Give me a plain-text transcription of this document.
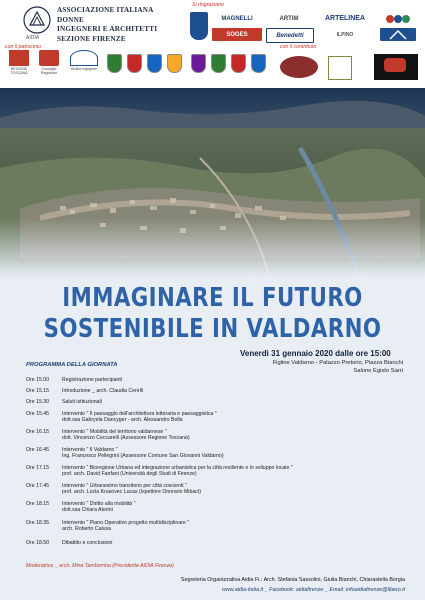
AIDIA
ASSOCIAZIONE ITALIANA DONNE
INGEGNERI E ARCHITETTI
SEZIONE FIRENZE
Si ringraziano
con il patrocinio	con il contributo
MAGNELLI	ARTIM	ARTELINEA
SOGES	Benedetti	ILPINO
REGIONE TOSCANA
Consiglio Regionale
Ordine Ingegneri
IMMAGINARE IL FUTURO
SOSTENIBILE IN VALDARNO
Venerdì 31 gennaio 2020 dalle ore 15:00
Figline Valdarno - Palazzo Pretorio, Piazza Bianchi
Salone Egisto Sarri
PROGRAMMA DELLA GIORNATA
Ore 15.00	Registrazione partecipanti
Ore 15.15	Introduzione _ arch. Claudia Cerelli
Ore 15.30	Saluti istituzionali
Ore 15.45	Intervento " Il paesaggio dell'architettura letteraria e paesaggistica "
dott.ssa Gabryela Dancyger - arch. Alessandro Bolla
Ore 16.15	Intervento " Mobilità del territorio valdarnese "
dott. Vincenzo Ceccarelli (Assessore Regione Toscana)
Ore 16.45	Intervento " Il Valdarno "
Ing. Francesco Pellegrini (Assessore Comune San Giovanni Valdarno)
Ore 17.15	Intervento " Bioregione Urbana ed integrazione urbanistica per la città resiliente e lo sviluppo locale "
prof. arch. David Fanfani (Università degli Studi di Firenze)
Ore 17.45	Intervento " Urbanesimo transitorio per città coscienti "
prof. arch. Lucia Krasovec Lucas (Ispettore Onorario Mibact)
Ore 18.15	Intervento " Diritto alla mobilità "
dott.ssa Chiara Aterini
Ore 18.35	Intervento " Piano Operativo progetto multidisciplinare "
arch. Roberto Calusa
Ore 18.50	Dibattito e conclusioni
Moderatrice _ arch. Mina Tamborrino (Presidente AIDIA Firenze)
Segreteria Organizzativa Aidia Fi.: Arch. Stefania Sassolini, Giulia Bianchi, Chiarastella Borgia
www.aidia-italia.it _ Facebook: aidiafirenze _ Email: infoaidiafirenze@libero.it
